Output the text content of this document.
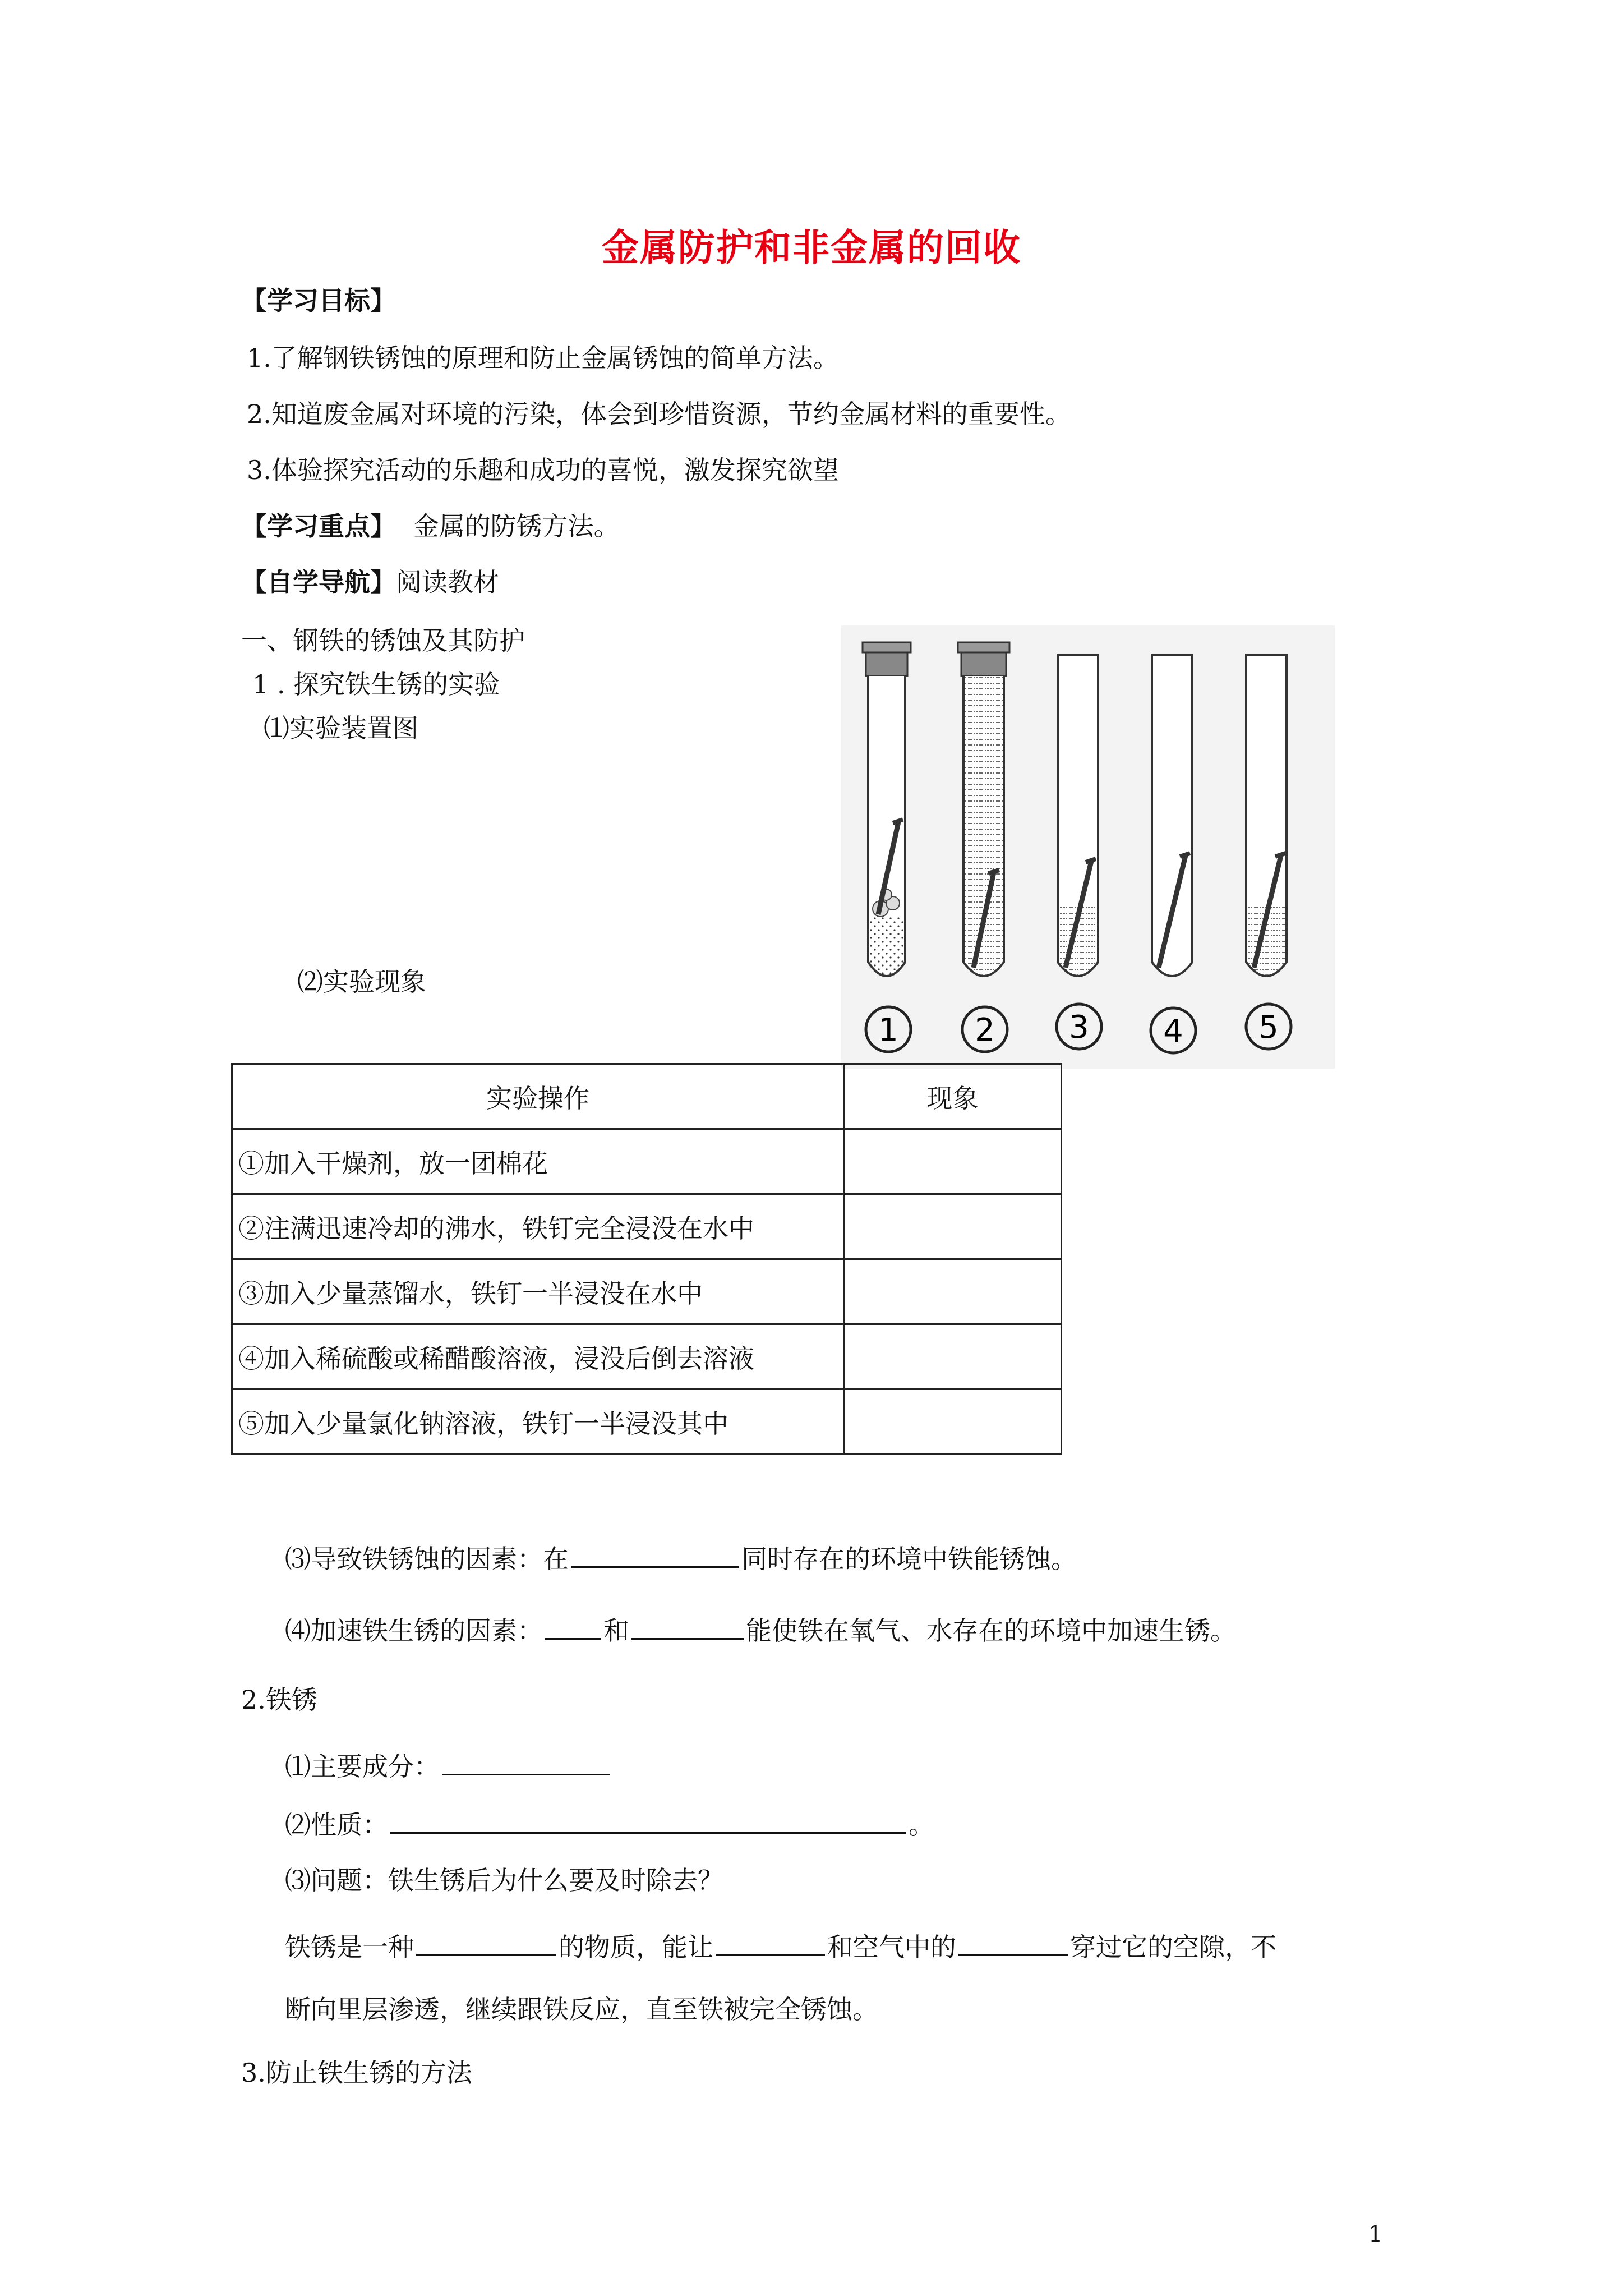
金属防护和非金属的回收
【学习目标】
1.了解钢铁锈蚀的原理和防止金属锈蚀的简单方法。
2.知道废金属对环境的污染，体会到珍惜资源，节约金属材料的重要性。
3.体验探究活动的乐趣和成功的喜悦，激发探究欲望
【学习重点】 金属的防锈方法。
【自学导航】阅读教材
一、钢铁的锈蚀及其防护
1 . 探究铁生锈的实验
⑴实验装置图
⑵实验现象
1 2 3 4 5
实验操作	现象
①加入干燥剂，放一团棉花	
②注满迅速冷却的沸水，铁钉完全浸没在水中	
③加入少量蒸馏水，铁钉一半浸没在水中	
④加入稀硫酸或稀醋酸溶液，浸没后倒去溶液	
⑤加入少量氯化钠溶液，铁钉一半浸没其中	
⑶导致铁锈蚀的因素：在	同时存在的环境中铁能锈蚀。
⑷加速铁生锈的因素： 和	能使铁在氧气、水存在的环境中加速生锈。
2.铁锈
⑴主要成分：
⑵性质：	。
⑶问题：铁生锈后为什么要及时除去？
铁锈是一种	的物质，能让	和空气中的	穿过它的空隙，不
断向里层渗透，继续跟铁反应，直至铁被完全锈蚀。
3.防止铁生锈的方法
1
